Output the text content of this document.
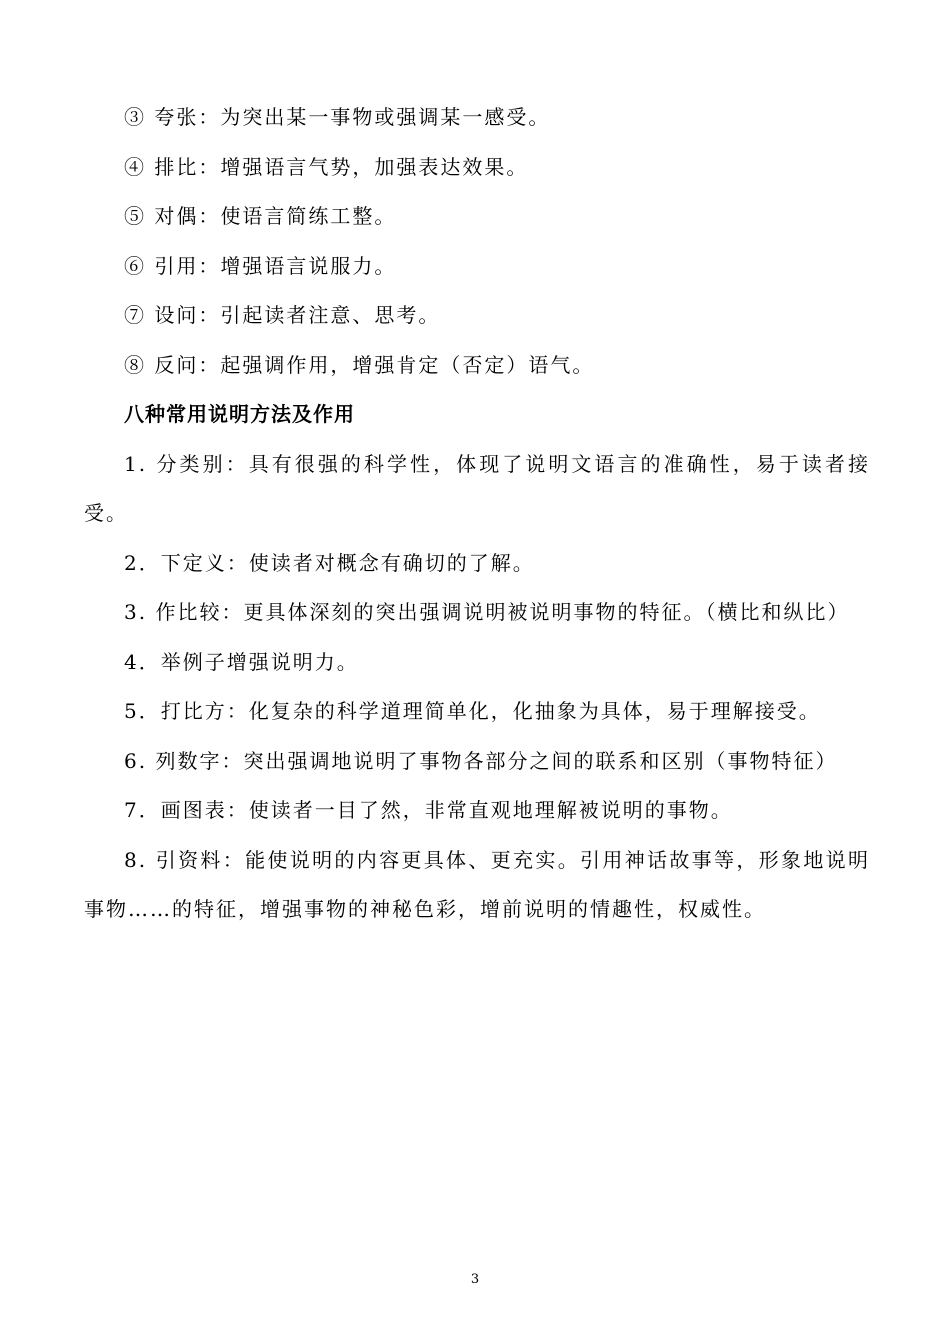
③ 夸张：为突出某一事物或强调某一感受。

④ 排比：增强语言气势，加强表达效果。

⑤ 对偶：使语言简练工整。

⑥ 引用：增强语言说服力。

⑦ 设问：引起读者注意、思考。

⑧ 反问：起强调作用，增强肯定（否定）语气。

八种常用说明方法及作用

1. 分类别：具有很强的科学性，体现了说明文语言的准确性，易于读者接受。

2．下定义：使读者对概念有确切的了解。

3. 作比较：更具体深刻的突出强调说明被说明事物的特征。（横比和纵比）

4．举例子增强说明力。

5．打比方：化复杂的科学道理简单化，化抽象为具体，易于理解接受。

6. 列数字：突出强调地说明了事物各部分之间的联系和区别（事物特征）

7．画图表：使读者一目了然，非常直观地理解被说明的事物。

8. 引资料：能使说明的内容更具体、更充实。引用神话故事等，形象地说明事物……的特征，增强事物的神秘色彩，增前说明的情趣性，权威性。

3
